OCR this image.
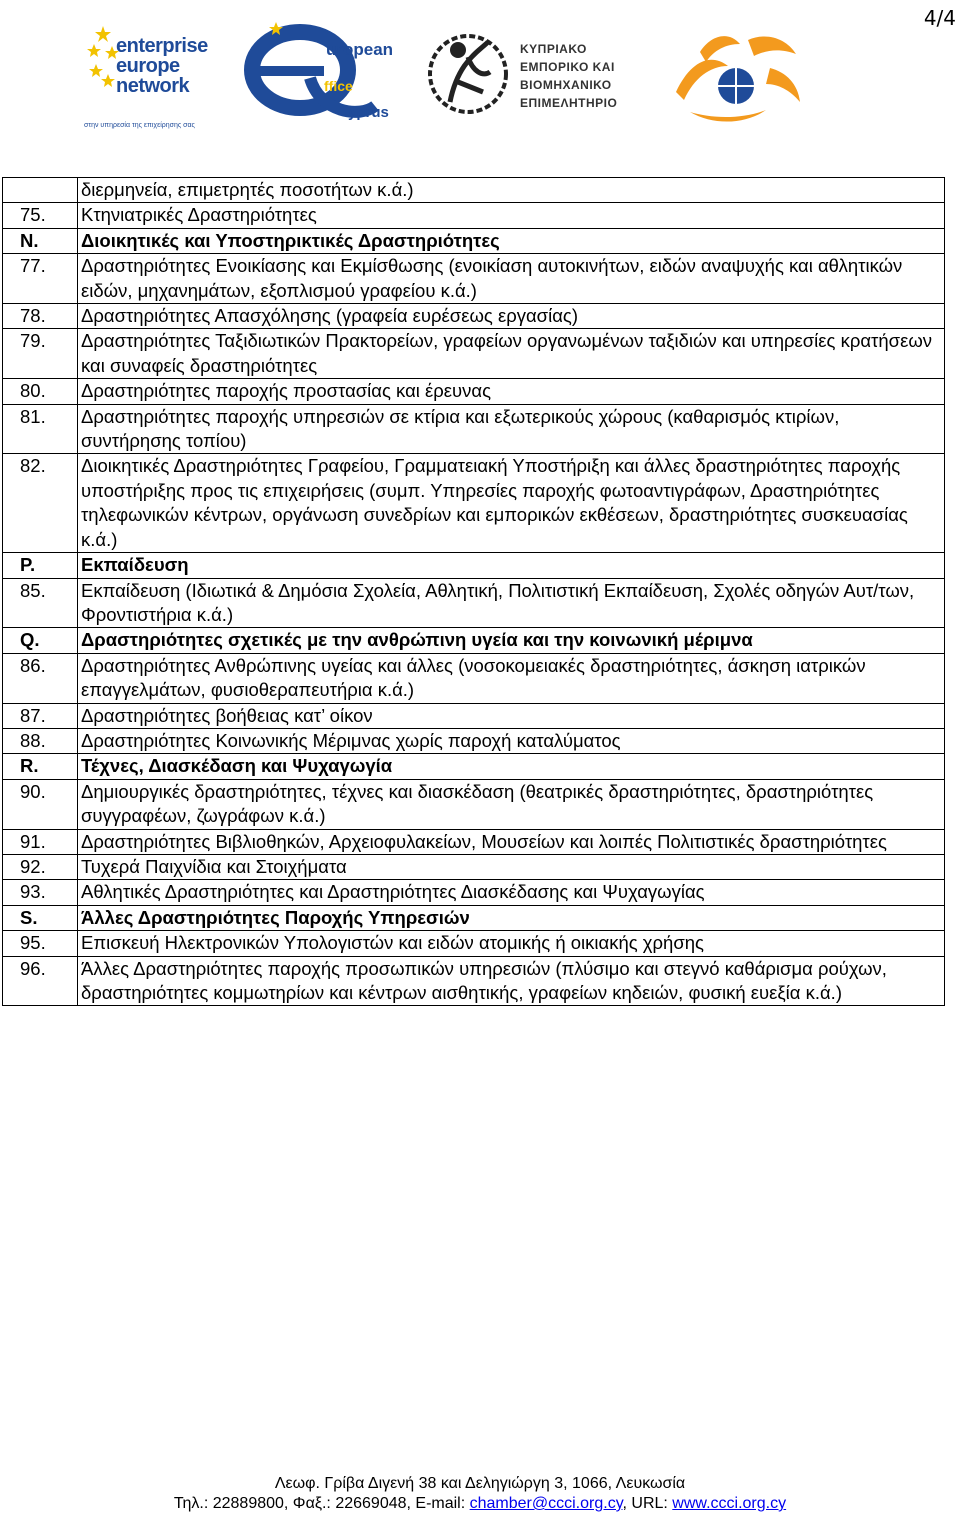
4/4
enterprise
europe
network
στην υπηρεσία της επιχείρησης σας
uropean
ffice
yprus
ΚΥΠΡΙΑΚΟ
ΕΜΠΟΡΙΚΟ ΚΑΙ
ΒΙΟΜΗΧΑΝΙΚΟ
ΕΠΙΜΕΛΗΤΗΡΙΟ
	διερμηνεία, επιμετρητές ποσοτήτων κ.ά.)
75.	Κτηνιατρικές Δραστηριότητες
N.	Διοικητικές και Υποστηρικτικές Δραστηριότητες
77.	Δραστηριότητες Ενοικίασης και Εκμίσθωσης (ενοικίαση αυτοκινήτων, ειδών αναψυχής και αθλητικών ειδών, μηχανημάτων, εξοπλισμού γραφείου κ.ά.)
78.	Δραστηριότητες Απασχόλησης (γραφεία ευρέσεως εργασίας)
79.	Δραστηριότητες Ταξιδιωτικών Πρακτορείων, γραφείων οργανωμένων ταξιδιών και υπηρεσίες κρατήσεων και συναφείς δραστηριότητες
80.	Δραστηριότητες παροχής προστασίας και έρευνας
81.	Δραστηριότητες παροχής υπηρεσιών σε κτίρια και εξωτερικούς χώρους (καθαρισμός κτιρίων, συντήρησης τοπίου)
82.	Διοικητικές Δραστηριότητες Γραφείου, Γραμματειακή Υποστήριξη και άλλες δραστηριότητες παροχής υποστήριξης προς τις επιχειρήσεις (συμπ. Υπηρεσίες παροχής φωτοαντιγράφων, Δραστηριότητες τηλεφωνικών κέντρων, οργάνωση συνεδρίων και εμπορικών εκθέσεων, δραστηριότητες συσκευασίας κ.ά.)
P.	Εκπαίδευση
85.	Εκπαίδευση (Ιδιωτικά & Δημόσια Σχολεία, Αθλητική, Πολιτιστική Εκπαίδευση, Σχολές οδηγών Αυτ/των, Φροντιστήρια κ.ά.)
Q.	Δραστηριότητες σχετικές με την ανθρώπινη υγεία και την κοινωνική μέριμνα
86.	Δραστηριότητες Ανθρώπινης υγείας και άλλες (νοσοκομειακές δραστηριότητες, άσκηση ιατρικών επαγγελμάτων, φυσιοθεραπευτήρια κ.ά.)
87.	Δραστηριότητες βοήθειας κατ’ οίκον
88.	Δραστηριότητες Κοινωνικής Μέριμνας χωρίς παροχή καταλύματος
R.	Τέχνες, Διασκέδαση και Ψυχαγωγία
90.	Δημιουργικές δραστηριότητες, τέχνες και διασκέδαση (θεατρικές δραστηριότητες, δραστηριότητες συγγραφέων, ζωγράφων κ.ά.)
91.	Δραστηριότητες Βιβλιοθηκών, Αρχειοφυλακείων, Μουσείων και λοιπές Πολιτιστικές δραστηριότητες
92.	Τυχερά Παιχνίδια και Στοιχήματα
93.	Αθλητικές Δραστηριότητες και Δραστηριότητες Διασκέδασης και Ψυχαγωγίας
S.	Άλλες Δραστηριότητες Παροχής Υπηρεσιών
95.	Επισκευή Ηλεκτρονικών Υπολογιστών και ειδών ατομικής ή οικιακής χρήσης
96.	Άλλες Δραστηριότητες παροχής προσωπικών υπηρεσιών (πλύσιμο και στεγνό καθάρισμα ρούχων, δραστηριότητες κομμωτηρίων και κέντρων αισθητικής, γραφείων κηδειών, φυσική ευεξία κ.ά.)
Λεωφ. Γρίβα Διγενή 38 και Δεληγιώργη 3, 1066, Λευκωσία
Τηλ.: 22889800, Φαξ.: 22669048, E-mail: chamber@ccci.org.cy, URL: www.ccci.org.cy
